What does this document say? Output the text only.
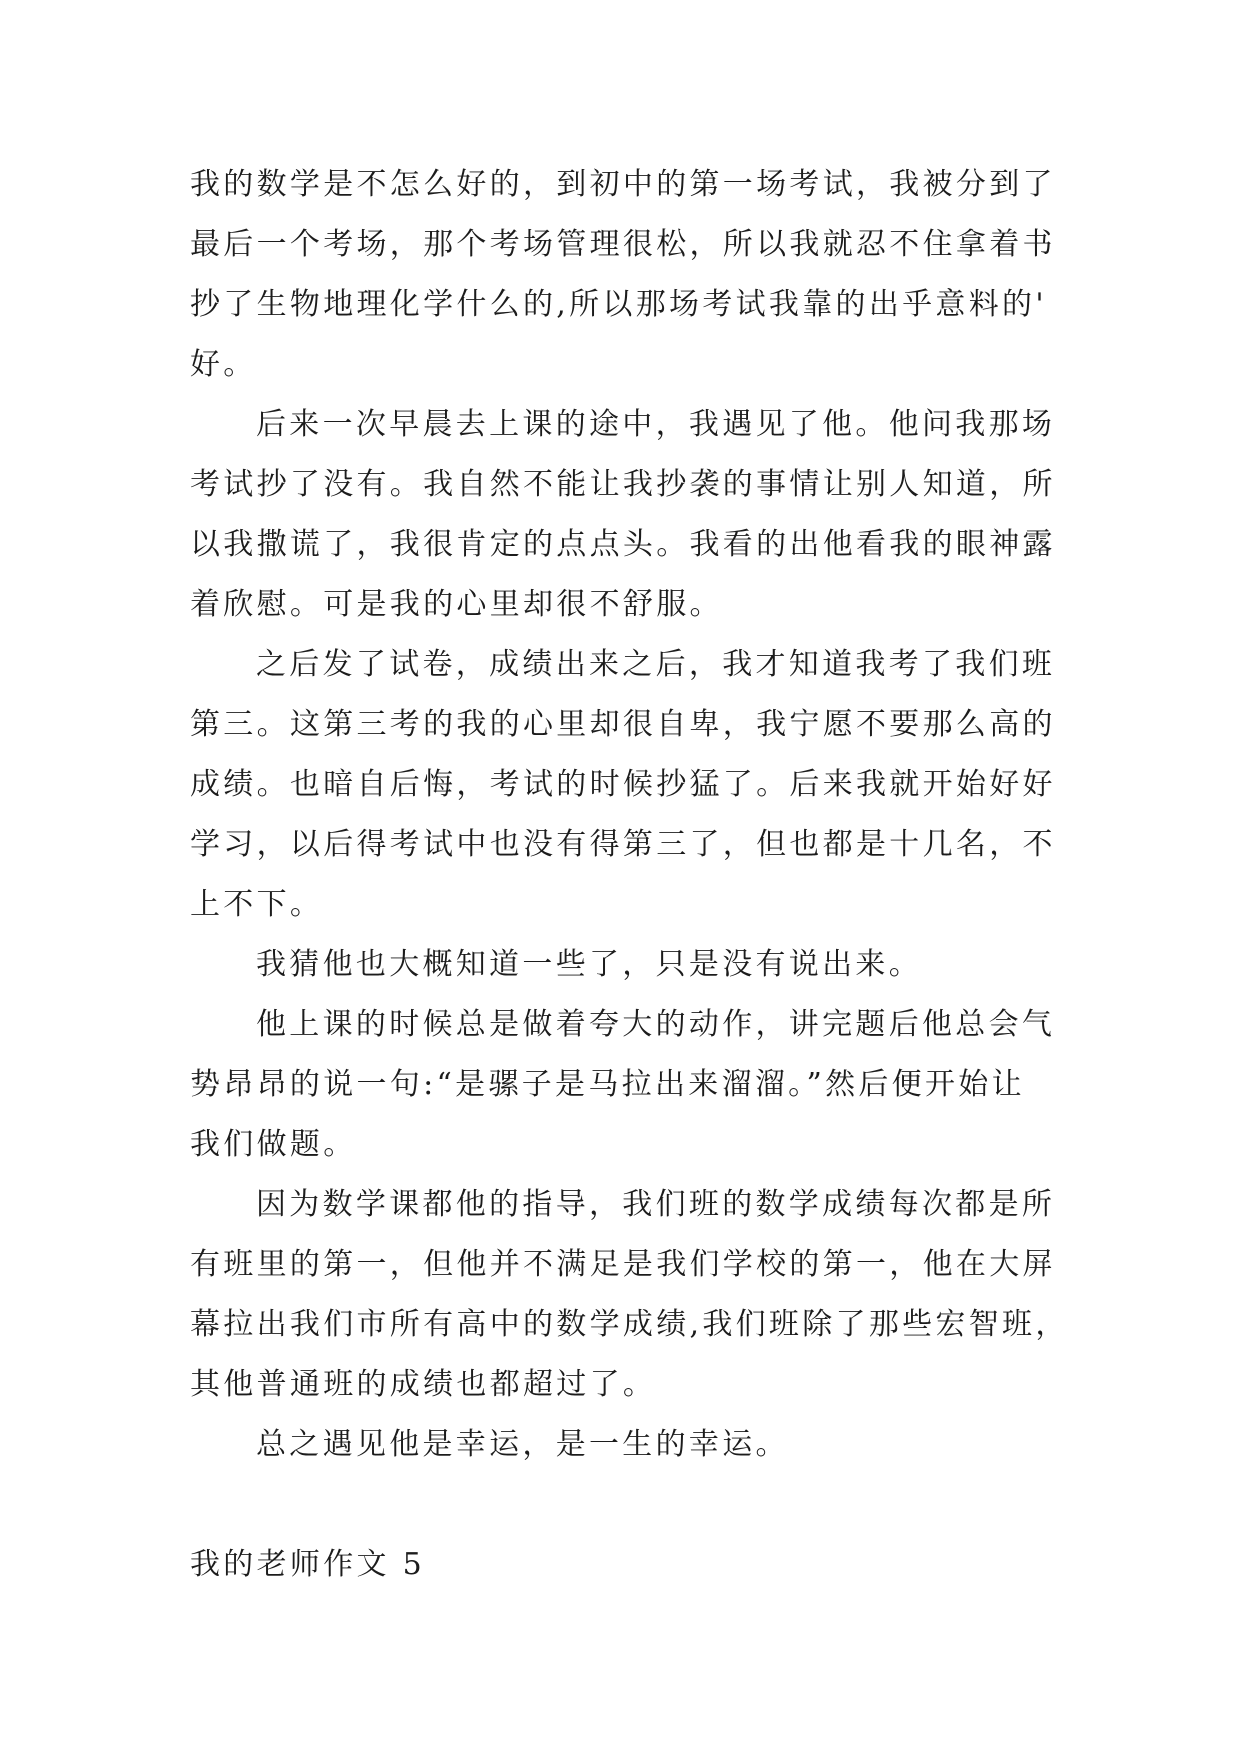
我的数学是不怎么好的，到初中的第一场考试，我被分到了
最后一个考场，那个考场管理很松，所以我就忍不住拿着书
抄了生物地理化学什么的,所以那场考试我靠的出乎意料的'
好。
后来一次早晨去上课的途中，我遇见了他。他问我那场
考试抄了没有。我自然不能让我抄袭的事情让别人知道，所
以我撒谎了，我很肯定的点点头。我看的出他看我的眼神露
着欣慰。可是我的心里却很不舒服。
之后发了试卷，成绩出来之后，我才知道我考了我们班
第三。这第三考的我的心里却很自卑，我宁愿不要那么高的
成绩。也暗自后悔，考试的时候抄猛了。后来我就开始好好
学习，以后得考试中也没有得第三了，但也都是十几名，不
上不下。
我猜他也大概知道一些了，只是没有说出来。
他上课的时候总是做着夸大的动作，讲完题后他总会气
势昂昂的说一句:“是骡子是马拉出来溜溜。”然后便开始让
我们做题。
因为数学课都他的指导，我们班的数学成绩每次都是所
有班里的第一，但他并不满足是我们学校的第一，他在大屏
幕拉出我们市所有高中的数学成绩,我们班除了那些宏智班，
其他普通班的成绩也都超过了。
总之遇见他是幸运，是一生的幸运。
我的老师作文 5
